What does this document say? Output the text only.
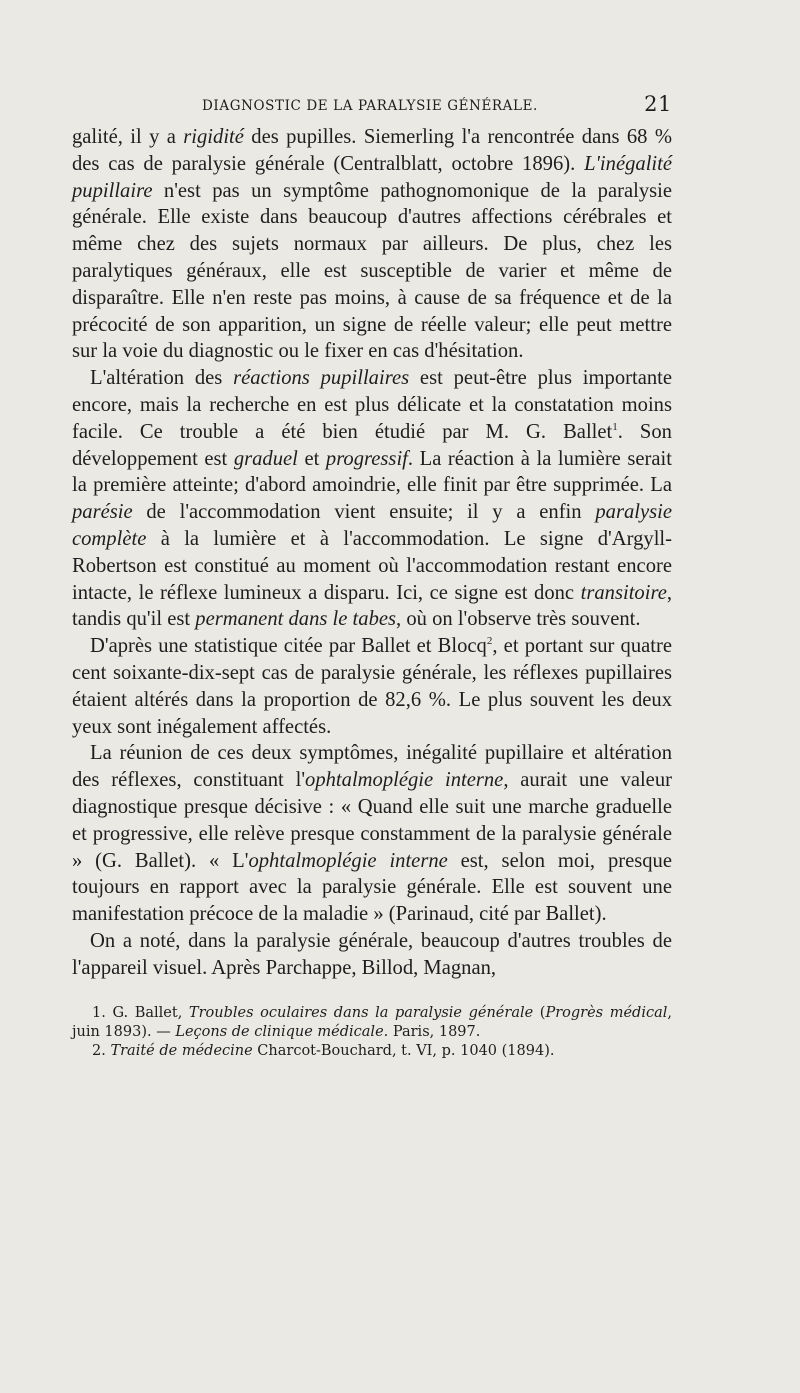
DIAGNOSTIC DE LA PARALYSIE GÉNÉRALE.	21

galité, il y a rigidité des pupilles. Siemerling l'a rencontrée dans 68 % des cas de paralysie générale (Centralblatt, octobre 1896). L'inégalité pupillaire n'est pas un symptôme pathognomonique de la paralysie générale. Elle existe dans beaucoup d'autres affections cérébrales et même chez des sujets normaux par ailleurs. De plus, chez les paralytiques généraux, elle est susceptible de varier et même de disparaître. Elle n'en reste pas moins, à cause de sa fréquence et de la précocité de son apparition, un signe de réelle valeur; elle peut mettre sur la voie du diagnostic ou le fixer en cas d'hésitation.

L'altération des réactions pupillaires est peut-être plus importante encore, mais la recherche en est plus délicate et la constatation moins facile. Ce trouble a été bien étudié par M. G. Ballet$^1$. Son développement est graduel et progressif. La réaction à la lumière serait la première atteinte; d'abord amoindrie, elle finit par être supprimée. La parésie de l'accommodation vient ensuite; il y a enfin paralysie complète à la lumière et à l'accommodation. Le signe d'Argyll-Robertson est constitué au moment où l'accommodation restant encore intacte, le réflexe lumineux a disparu. Ici, ce signe est donc transitoire, tandis qu'il est permanent dans le tabes, où on l'observe très souvent.

D'après une statistique citée par Ballet et Blocq$^2$, et portant sur quatre cent soixante-dix-sept cas de paralysie générale, les réflexes pupillaires étaient altérés dans la proportion de 82,6 %. Le plus souvent les deux yeux sont inégalement affectés.

La réunion de ces deux symptômes, inégalité pupillaire et altération des réflexes, constituant l'ophtalmoplégie interne, aurait une valeur diagnostique presque décisive : « Quand elle suit une marche graduelle et progressive, elle relève presque constamment de la paralysie générale » (G. Ballet). « L'ophtalmoplégie interne est, selon moi, presque toujours en rapport avec la paralysie générale. Elle est souvent une manifestation précoce de la maladie » (Parinaud, cité par Ballet).

On a noté, dans la paralysie générale, beaucoup d'autres troubles de l'appareil visuel. Après Parchappe, Billod, Magnan,

1. G. Ballet, Troubles oculaires dans la paralysie générale (Progrès médical, juin 1893). — Leçons de clinique médicale. Paris, 1897.

2. Traité de médecine Charcot-Bouchard, t. VI, p. 1040 (1894).
